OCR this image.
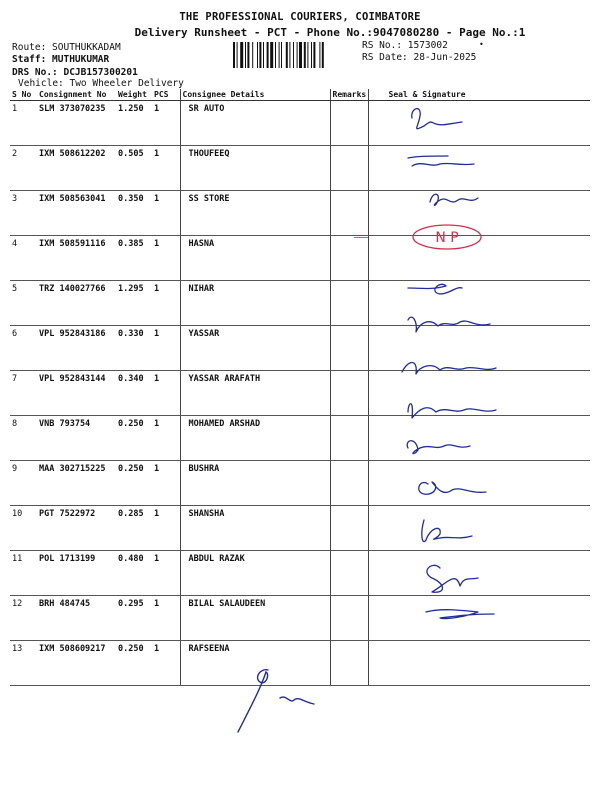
THE PROFESSIONAL COURIERS, COIMBATORE
Delivery Runsheet - PCT - Phone No.:9047080280 - Page No.:1
Route: SOUTHUKKADAM
Staff: MUTHUKUMAR
DRS No.: DCJB157300201
Vehicle: Two Wheeler Delivery
RS No.: 1573002
RS Date: 28-Jun-2025
•
S No	Consignment No	Weight	PCS	Consignee Details	Remarks	Seal & Signature
1	SLM 373070235	1.250	1	SR AUTO		
2	IXM 508612202	0.505	1	THOUFEEQ		
3	IXM 508563041	0.350	1	SS STORE		
4	IXM 508591116	0.385	1	HASNA		
5	TRZ 140027766	1.295	1	NIHAR		
6	VPL 952843186	0.330	1	YASSAR		
7	VPL 952843144	0.340	1	YASSAR ARAFATH		
8	VNB 793754	0.250	1	MOHAMED ARSHAD		
9	MAA 302715225	0.250	1	BUSHRA		
10	PGT 7522972	0.285	1	SHANSHA		
11	POL 1713199	0.480	1	ABDUL RAZAK		
12	BRH 484745	0.295	1	BILAL SALAUDEEN		
13	IXM 508609217	0.250	1	RAFSEENA		
N P
